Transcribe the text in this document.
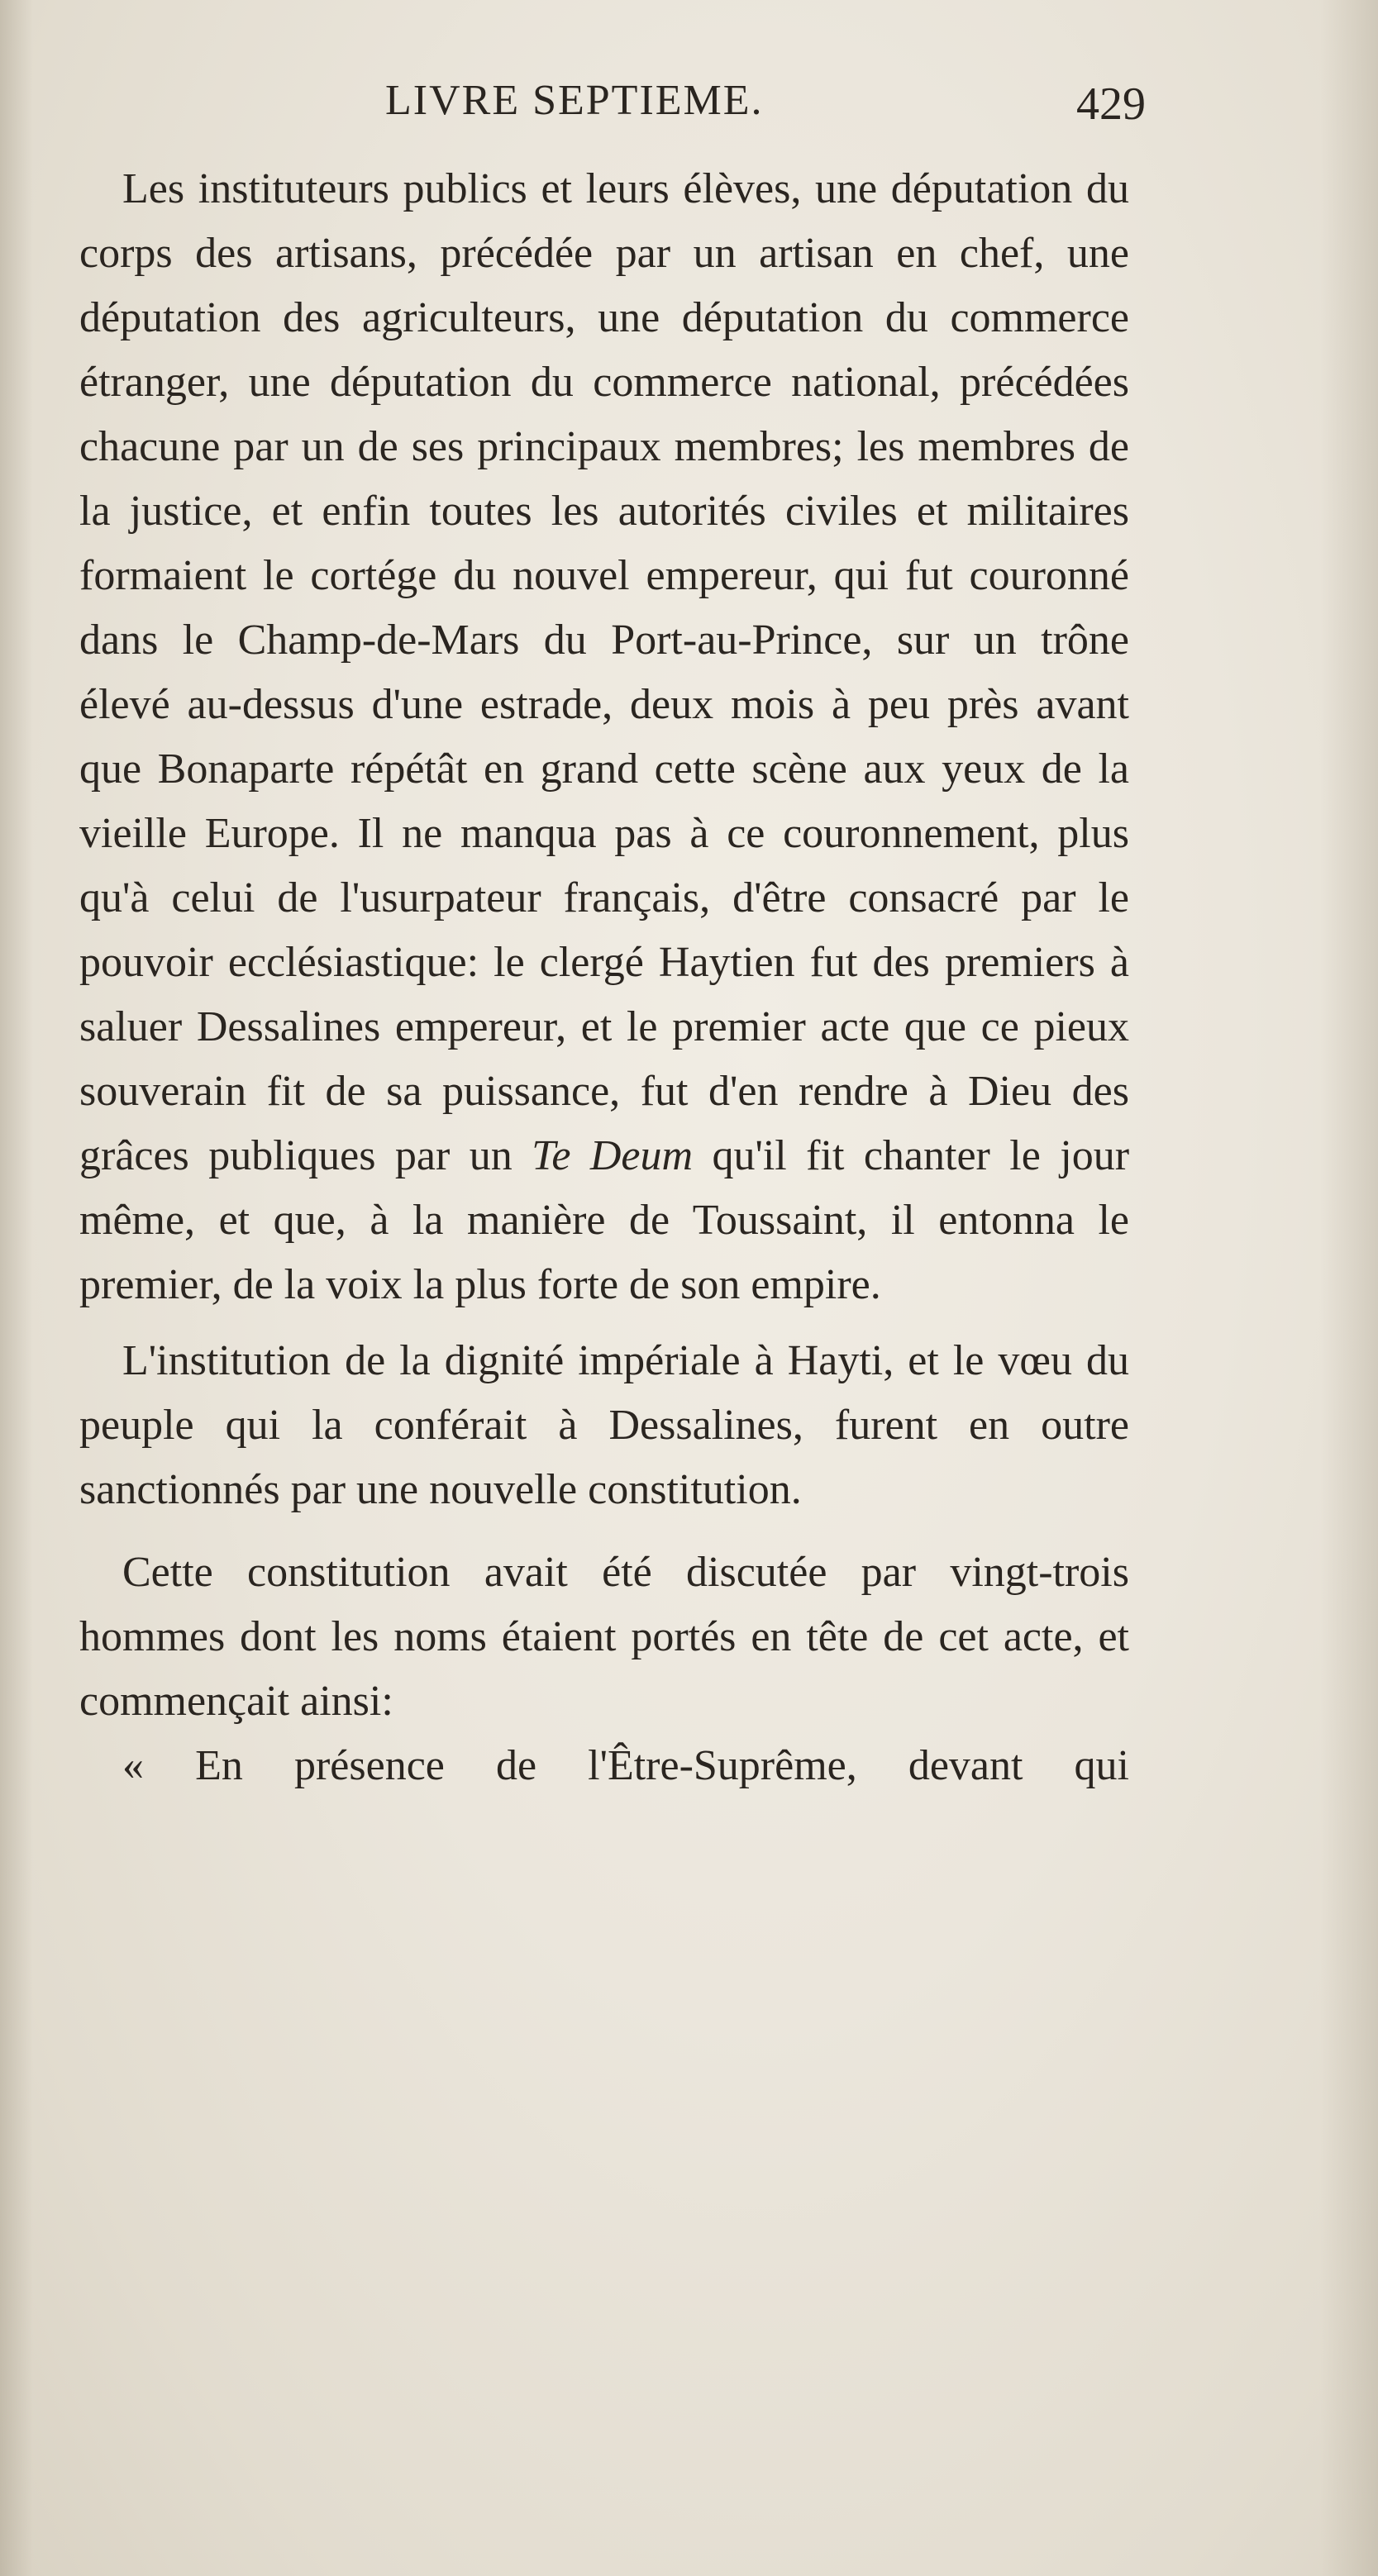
LIVRE SEPTIEME.	429

Les instituteurs publics et leurs élèves, une députation du corps des artisans, précédée par un artisan en chef, une députation des agriculteurs, une députation du commerce étranger, une députation du commerce national, précédées chacune par un de ses principaux membres; les membres de la justice, et enfin toutes les autorités civiles et militaires formaient le cortége du nouvel empereur, qui fut couronné dans le Champ-de-Mars du Port-au-Prince, sur un trône élevé au-dessus d'une estrade, deux mois à peu près avant que Bonaparte répétât en grand cette scène aux yeux de la vieille Europe. Il ne manqua pas à ce couronnement, plus qu'à celui de l'usurpateur français, d'être consacré par le pouvoir ecclésiastique: le clergé Haytien fut des premiers à saluer Dessalines empereur, et le premier acte que ce pieux souverain fit de sa puissance, fut d'en rendre à Dieu des grâces publiques par un Te Deum qu'il fit chanter le jour même, et que, à la manière de Toussaint, il entonna le premier, de la voix la plus forte de son empire.

L'institution de la dignité impériale à Hayti, et le vœu du peuple qui la conférait à Dessalines, furent en outre sanctionnés par une nouvelle constitution.

Cette constitution avait été discutée par vingt-trois hommes dont les noms étaient portés en tête de cet acte, et commençait ainsi:

« En présence de l'Être-Suprême, devant qui
